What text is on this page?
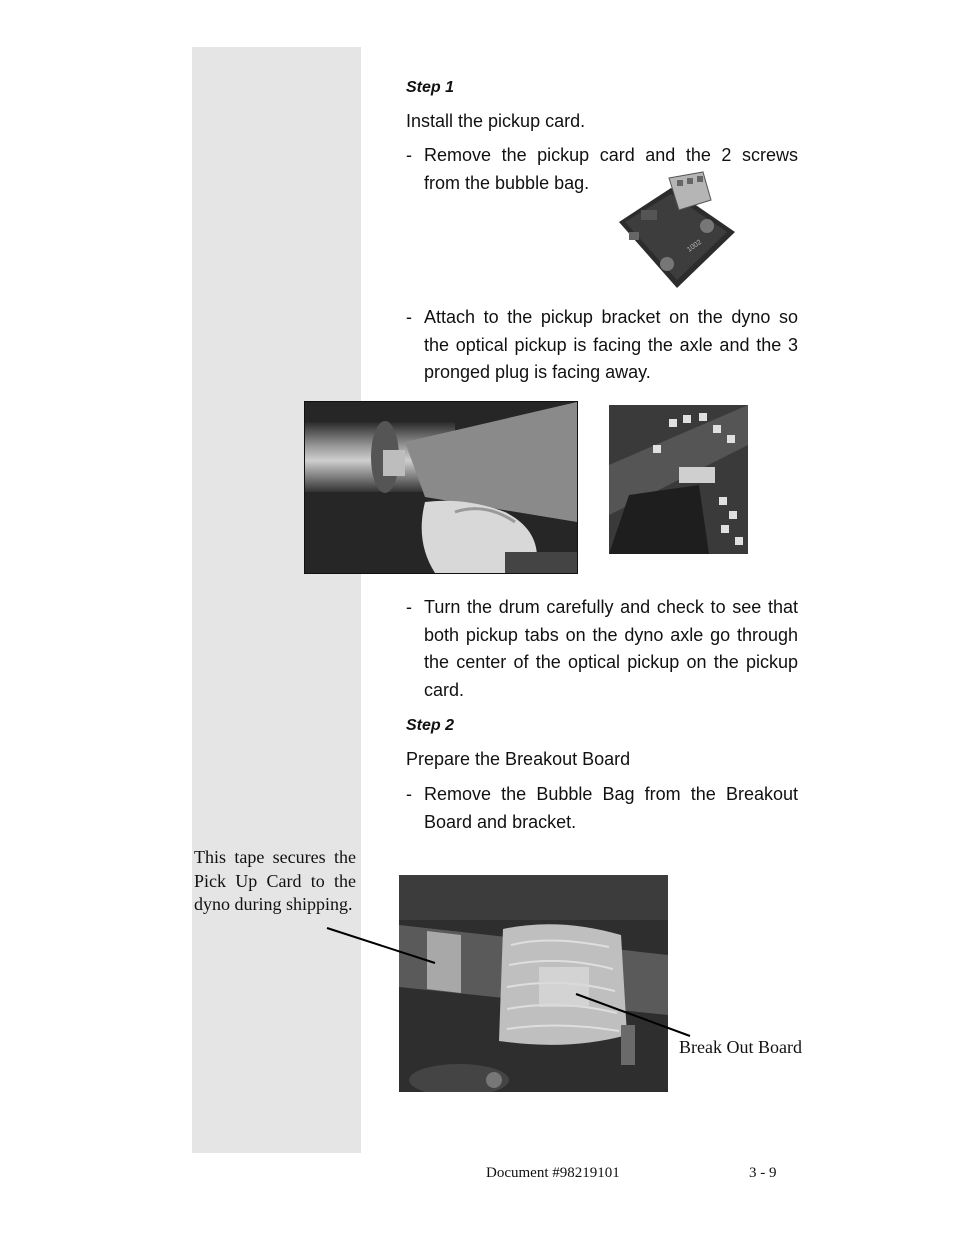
Step 1
Install the pickup card.
- Remove the pickup card and the 2 screws from the bubble bag.
1002
- Attach to the pickup bracket on the dyno so the optical pickup is facing the axle and the 3 pronged plug is facing away.
- Turn the drum carefully and check to see that both pickup tabs on the dyno axle go through the center of the optical pickup on the pickup card.
Step 2
Prepare the Breakout Board
- Remove the Bubble Bag from the Breakout Board and bracket.
This tape secures the Pick Up Card to the dyno during shipping.
Break Out Board
Document #98219101	3 - 9
